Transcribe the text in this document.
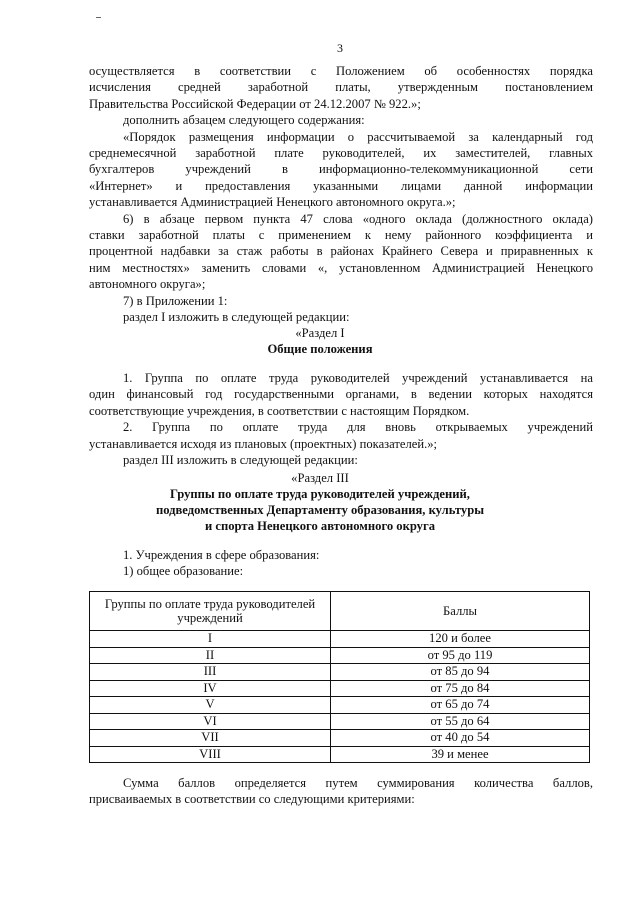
3
осуществляется в соответствии с Положением об особенностях порядка
исчисления средней заработной платы, утвержденным постановлением
Правительства Российской Федерации от 24.12.2007 № 922.»;
дополнить абзацем следующего содержания:
«Порядок размещения информации о рассчитываемой за календарный год
среднемесячной заработной плате руководителей, их заместителей, главных
бухгалтеров учреждений в информационно-телекоммуникационной сети
«Интернет» и предоставления указанными лицами данной информации
устанавливается Администрацией Ненецкого автономного округа.»;
6) в абзаце первом пункта 47 слова «одного оклада (должностного оклада)
ставки заработной платы с применением к нему районного коэффициента и
процентной надбавки за стаж работы в районах Крайнего Севера и приравненных к
ним местностях» заменить словами «, установленном Администрацией Ненецкого
автономного округа»;
7) в Приложении 1:
раздел I изложить в следующей редакции:
«Раздел I
Общие положения
1. Группа по оплате труда руководителей учреждений устанавливается на
один финансовый год государственными органами, в ведении которых находятся
соответствующие учреждения, в соответствии с настоящим Порядком.
2. Группа по оплате труда для вновь открываемых учреждений
устанавливается исходя из плановых (проектных) показателей.»;
раздел III изложить в следующей редакции:
«Раздел III
Группы по оплате труда руководителей учреждений,
подведомственных Департаменту образования, культуры
и спорта Ненецкого автономного округа
1. Учреждения в сфере образования:
1) общее образование:
Группы по оплате труда руководителей учреждений	Баллы
I	120 и более
II	от 95 до 119
III	от 85 до 94
IV	от 75 до 84
V	от 65 до 74
VI	от 55 до 64
VII	от 40 до 54
VIII	39 и менее
Сумма баллов определяется путем суммирования количества баллов,
присваиваемых в соответствии со следующими критериями:
